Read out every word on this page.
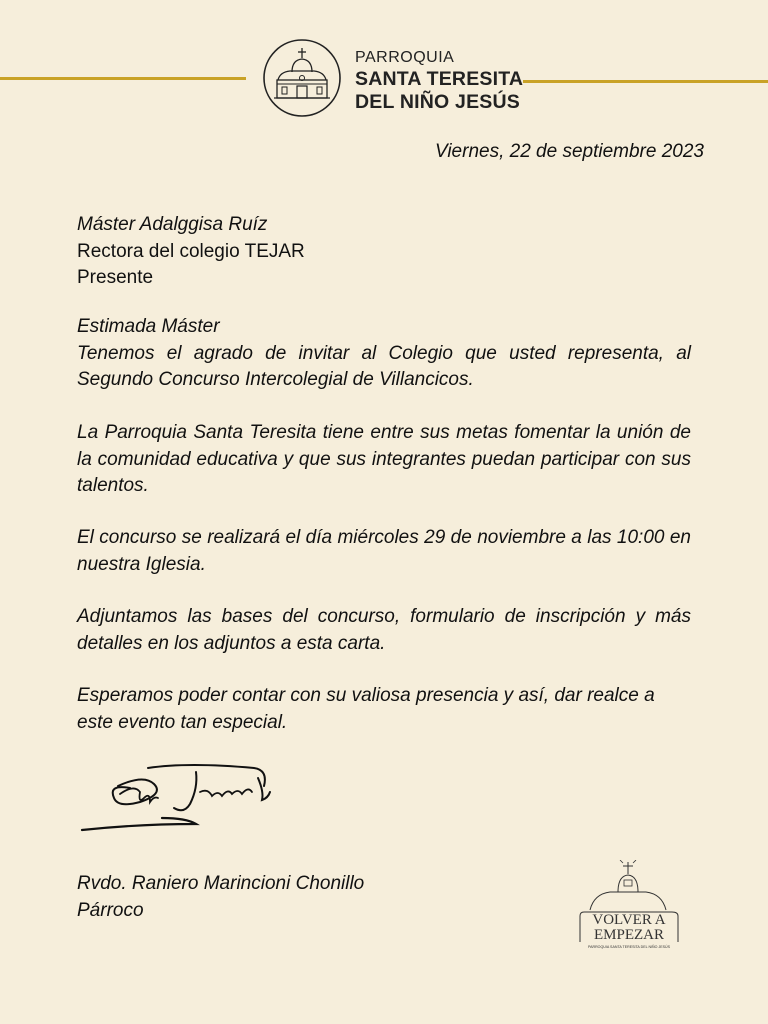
PARROQUIA
SANTA TERESITA
DEL NIÑO JESÚS
Viernes, 22 de septiembre 2023

Máster Adalggisa Ruíz

Rectora del colegio TEJAR

Presente

Estimada Máster

Tenemos el agrado de invitar al Colegio que usted representa, al Segundo Concurso Intercolegial de Villancicos.

La Parroquia Santa Teresita tiene entre sus metas fomentar la unión de la comunidad educativa y que sus integrantes puedan participar con sus talentos.
El concurso se realizará el día miércoles 29 de noviembre a las 10:00 en nuestra Iglesia.
Adjuntamos las bases del concurso, formulario de inscripción y más detalles en los adjuntos a esta carta.
Esperamos poder contar con su valiosa presencia y así, dar realce a este evento tan especial.

Rvdo. Raniero Marincioni Chonillo

Párroco	VOLVER A
EMPEZAR
PARROQUIA SANTA TERESITA DEL NIÑO JESÚS
